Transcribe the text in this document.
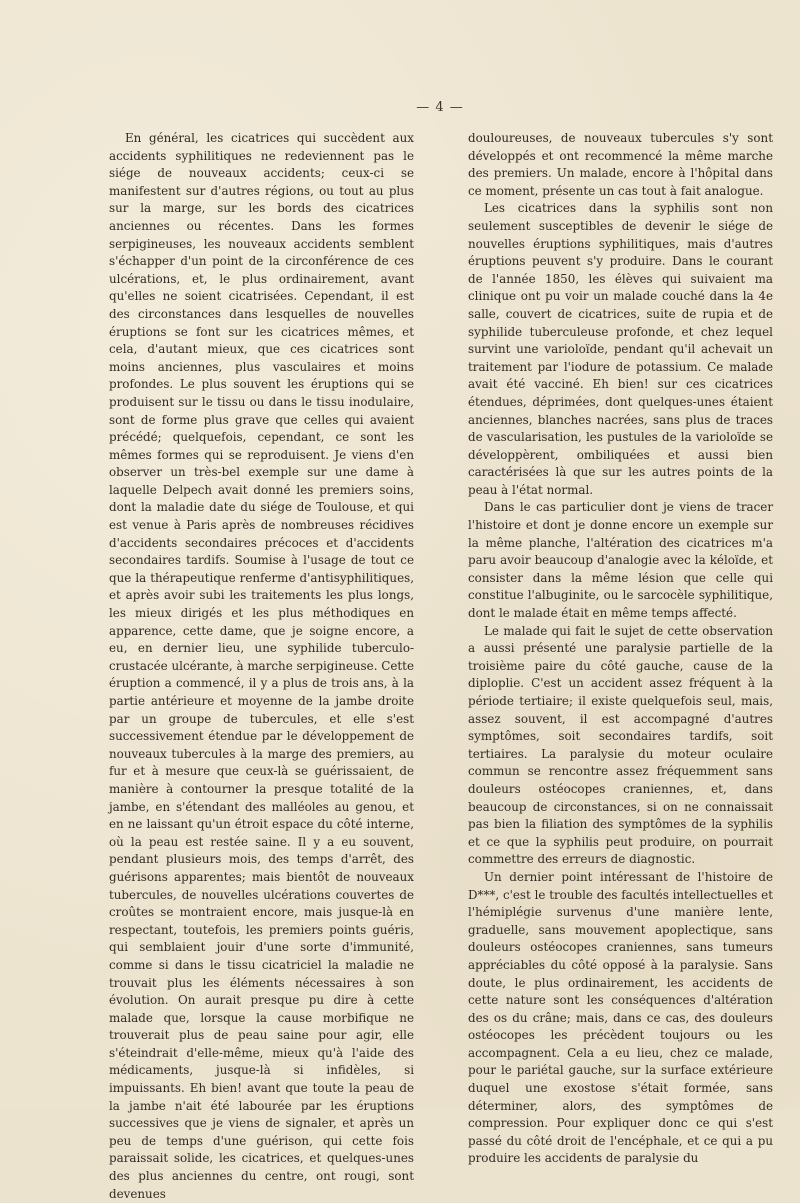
— 4 —

En général, les cicatrices qui succèdent aux accidents syphilitiques ne redeviennent pas le siége de nouveaux accidents; ceux-ci se manifestent sur d'autres régions, ou tout au plus sur la marge, sur les bords des cicatrices anciennes ou récentes. Dans les formes serpigineuses, les nouveaux accidents semblent s'échapper d'un point de la circonférence de ces ulcérations, et, le plus ordinairement, avant qu'elles ne soient cicatrisées. Cependant, il est des circonstances dans lesquelles de nouvelles éruptions se font sur les cicatrices mêmes, et cela, d'autant mieux, que ces cicatrices sont moins anciennes, plus vasculaires et moins profondes. Le plus souvent les éruptions qui se produisent sur le tissu ou dans le tissu inodulaire, sont de forme plus grave que celles qui avaient précédé; quelquefois, cependant, ce sont les mêmes formes qui se reproduisent. Je viens d'en observer un très-bel exemple sur une dame à laquelle Delpech avait donné les premiers soins, dont la maladie date du siége de Toulouse, et qui est venue à Paris après de nombreuses récidives d'accidents secondaires précoces et d'accidents secondaires tardifs. Soumise à l'usage de tout ce que la thérapeutique renferme d'antisyphilitiques, et après avoir subi les traitements les plus longs, les mieux dirigés et les plus méthodiques en apparence, cette dame, que je soigne encore, a eu, en dernier lieu, une syphilide tuberculo-crustacée ulcérante, à marche serpigineuse. Cette éruption a commencé, il y a plus de trois ans, à la partie antérieure et moyenne de la jambe droite par un groupe de tubercules, et elle s'est successivement étendue par le développement de nouveaux tubercules à la marge des premiers, au fur et à mesure que ceux-là se guérissaient, de manière à contourner la presque totalité de la jambe, en s'étendant des malléoles au genou, et en ne laissant qu'un étroit espace du côté interne, où la peau est restée saine. Il y a eu souvent, pendant plusieurs mois, des temps d'arrêt, des guérisons apparentes; mais bientôt de nouveaux tubercules, de nouvelles ulcérations couvertes de croûtes se montraient encore, mais jusque-là en respectant, toutefois, les premiers points guéris, qui semblaient jouir d'une sorte d'immunité, comme si dans le tissu cicatriciel la maladie ne trouvait plus les éléments nécessaires à son évolution. On aurait presque pu dire à cette malade que, lorsque la cause morbifique ne trouverait plus de peau saine pour agir, elle s'éteindrait d'elle-même, mieux qu'à l'aide des médicaments, jusque-là si infidèles, si impuissants. Eh bien! avant que toute la peau de la jambe n'ait été labourée par les éruptions successives que je viens de signaler, et après un peu de temps d'une guérison, qui cette fois paraissait solide, les cicatrices, et quelques-unes des plus anciennes du centre, ont rougi, sont devenues

douloureuses, de nouveaux tubercules s'y sont développés et ont recommencé la même marche des premiers. Un malade, encore à l'hôpital dans ce moment, présente un cas tout à fait analogue.

Les cicatrices dans la syphilis sont non seulement susceptibles de devenir le siége de nouvelles éruptions syphilitiques, mais d'autres éruptions peuvent s'y produire. Dans le courant de l'année 1850, les élèves qui suivaient ma clinique ont pu voir un malade couché dans la 4e salle, couvert de cicatrices, suite de rupia et de syphilide tuberculeuse profonde, et chez lequel survint une varioloïde, pendant qu'il achevait un traitement par l'iodure de potassium. Ce malade avait été vacciné. Eh bien! sur ces cicatrices étendues, déprimées, dont quelques-unes étaient anciennes, blanches nacrées, sans plus de traces de vascularisation, les pustules de la varioloïde se développèrent, ombiliquées et aussi bien caractérisées là que sur les autres points de la peau à l'état normal.

Dans le cas particulier dont je viens de tracer l'histoire et dont je donne encore un exemple sur la même planche, l'altération des cicatrices m'a paru avoir beaucoup d'analogie avec la kéloïde, et consister dans la même lésion que celle qui constitue l'albuginite, ou le sarcocèle syphilitique, dont le malade était en même temps affecté.

Le malade qui fait le sujet de cette observation a aussi présenté une paralysie partielle de la troisième paire du côté gauche, cause de la diploplie. C'est un accident assez fréquent à la période tertiaire; il existe quelquefois seul, mais, assez souvent, il est accompagné d'autres symptômes, soit secondaires tardifs, soit tertiaires. La paralysie du moteur oculaire commun se rencontre assez fréquemment sans douleurs ostéocopes craniennes, et, dans beaucoup de circonstances, si on ne connaissait pas bien la filiation des symptômes de la syphilis et ce que la syphilis peut produire, on pourrait commettre des erreurs de diagnostic.

Un dernier point intéressant de l'histoire de D***, c'est le trouble des facultés intellectuelles et l'hémiplégie survenus d'une manière lente, graduelle, sans mouvement apoplectique, sans douleurs ostéocopes craniennes, sans tumeurs appréciables du côté opposé à la paralysie. Sans doute, le plus ordinairement, les accidents de cette nature sont les conséquences d'altération des os du crâne; mais, dans ce cas, des douleurs ostéocopes les précèdent toujours ou les accompagnent. Cela a eu lieu, chez ce malade, pour le pariétal gauche, sur la surface extérieure duquel une exostose s'était formée, sans déterminer, alors, des symptômes de compression. Pour expliquer donc ce qui s'est passé du côté droit de l'encéphale, et ce qui a pu produire les accidents de paralysie du
